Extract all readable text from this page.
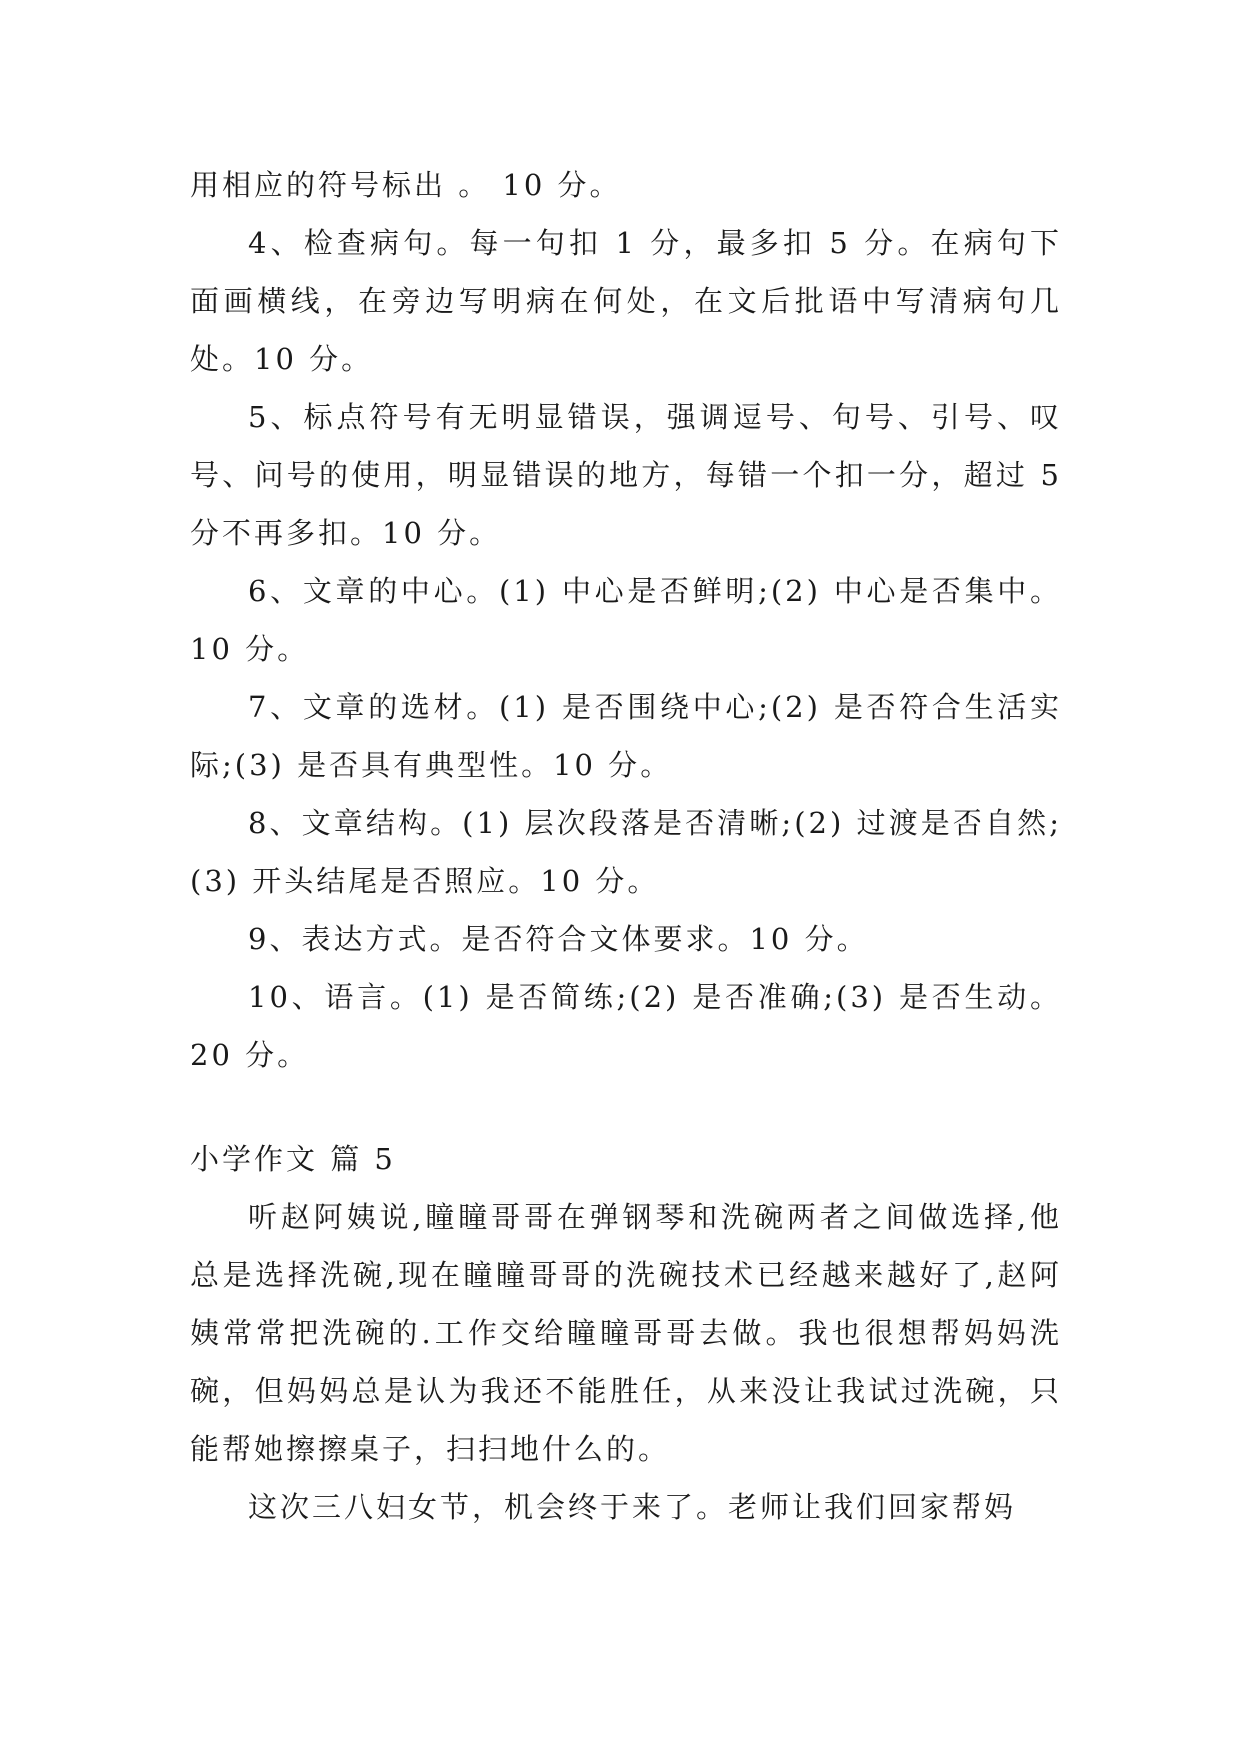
用相应的符号标出 。 10 分。

4、检查病句。每一句扣 1 分，最多扣 5 分。在病句下面画横线，在旁边写明病在何处，在文后批语中写清病句几处。10 分。

5、标点符号有无明显错误，强调逗号、句号、引号、叹号、问号的使用，明显错误的地方，每错一个扣一分，超过 5 分不再多扣。10 分。

6、文章的中心。(1) 中心是否鲜明;(2) 中心是否集中。10 分。

7、文章的选材。(1) 是否围绕中心;(2) 是否符合生活实际;(3) 是否具有典型性。10 分。

8、文章结构。(1) 层次段落是否清晰;(2) 过渡是否自然;(3) 开头结尾是否照应。10 分。

9、表达方式。是否符合文体要求。10 分。

10、语言。(1) 是否简练;(2) 是否准确;(3) 是否生动。20 分。

小学作文 篇 5

听赵阿姨说,瞳瞳哥哥在弹钢琴和洗碗两者之间做选择,他总是选择洗碗,现在瞳瞳哥哥的洗碗技术已经越来越好了,赵阿姨常常把洗碗的.工作交给瞳瞳哥哥去做。我也很想帮妈妈洗碗，但妈妈总是认为我还不能胜任，从来没让我试过洗碗，只能帮她擦擦桌子，扫扫地什么的。

这次三八妇女节，机会终于来了。老师让我们回家帮妈
